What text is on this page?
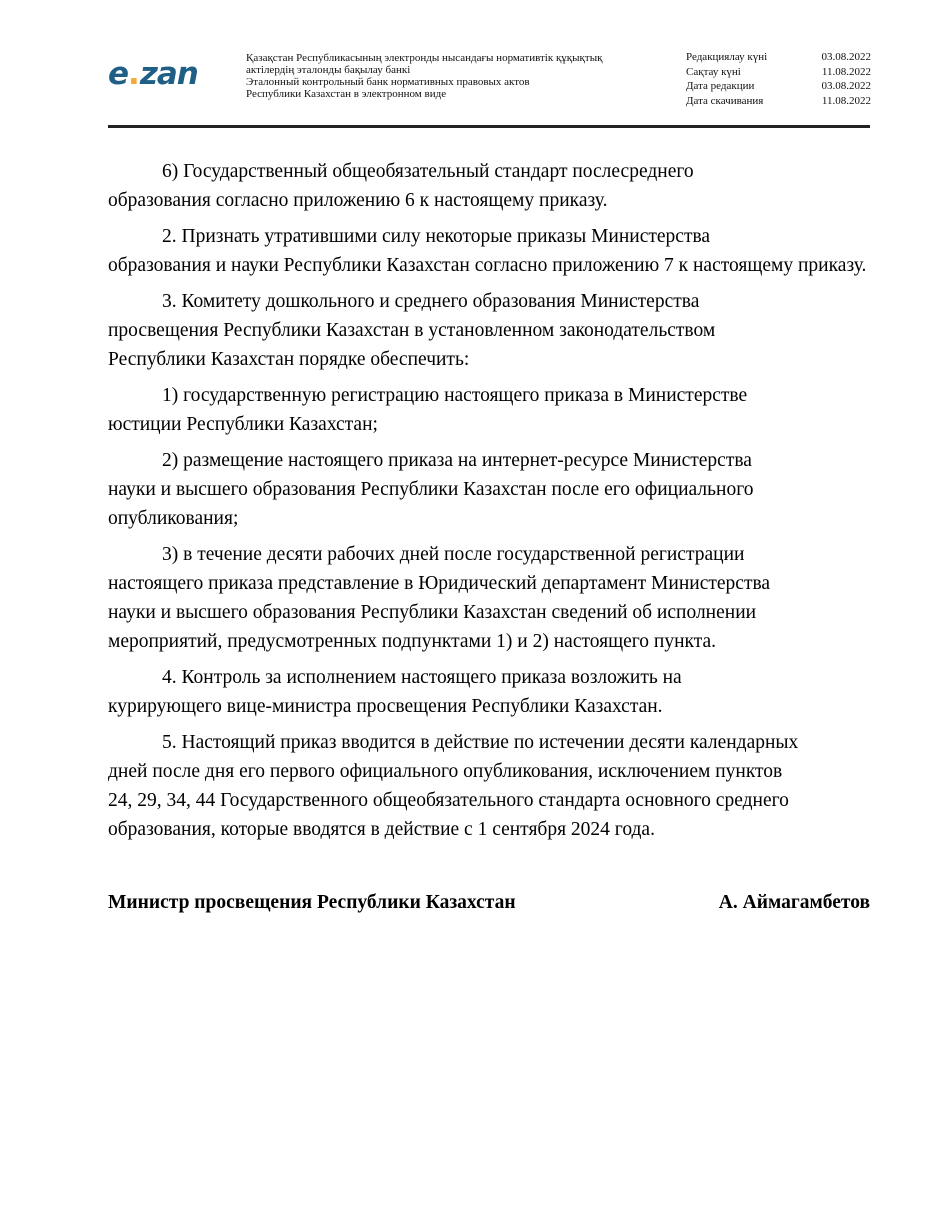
e.zan	Қазақстан Республикасының электронды нысандағы нормативтік құқықтық
актілердің эталонды бақылау банкі
Эталонный контрольный банк нормативных правовых актов
Республики Казахстан в электронном виде
Редакциялау күні	03.08.2022
Сақтау күні	11.08.2022
Дата редакции	03.08.2022
Дата скачивания	11.08.2022
6) Государственный общеобязательный стандарт послесреднего образования согласно приложению 6 к настоящему приказу.
2. Признать утратившими силу некоторые приказы Министерства образования и науки Республики Казахстан согласно приложению 7 к настоящему приказу.
3. Комитету дошкольного и среднего образования Министерства просвещения Республики Казахстан в установленном законодательством Республики Казахстан порядке обеспечить:
1) государственную регистрацию настоящего приказа в Министерстве юстиции Республики Казахстан;
2) размещение настоящего приказа на интернет-ресурсе Министерства науки и высшего образования Республики Казахстан после его официального опубликования;
3) в течение десяти рабочих дней после государственной регистрации настоящего приказа представление в Юридический департамент Министерства науки и высшего образования Республики Казахстан сведений об исполнении мероприятий, предусмотренных подпунктами 1) и 2) настоящего пункта.
4. Контроль за исполнением настоящего приказа возложить на курирующего вице-министра просвещения Республики Казахстан.
5. Настоящий приказ вводится в действие по истечении десяти календарных дней после дня его первого официального опубликования, исключением пунктов 24, 29, 34, 44 Государственного общеобязательного стандарта основного среднего образования, которые вводятся в действие с 1 сентября 2024 года.
Министр просвещения Республики Казахстан	А. Аймагамбетов
